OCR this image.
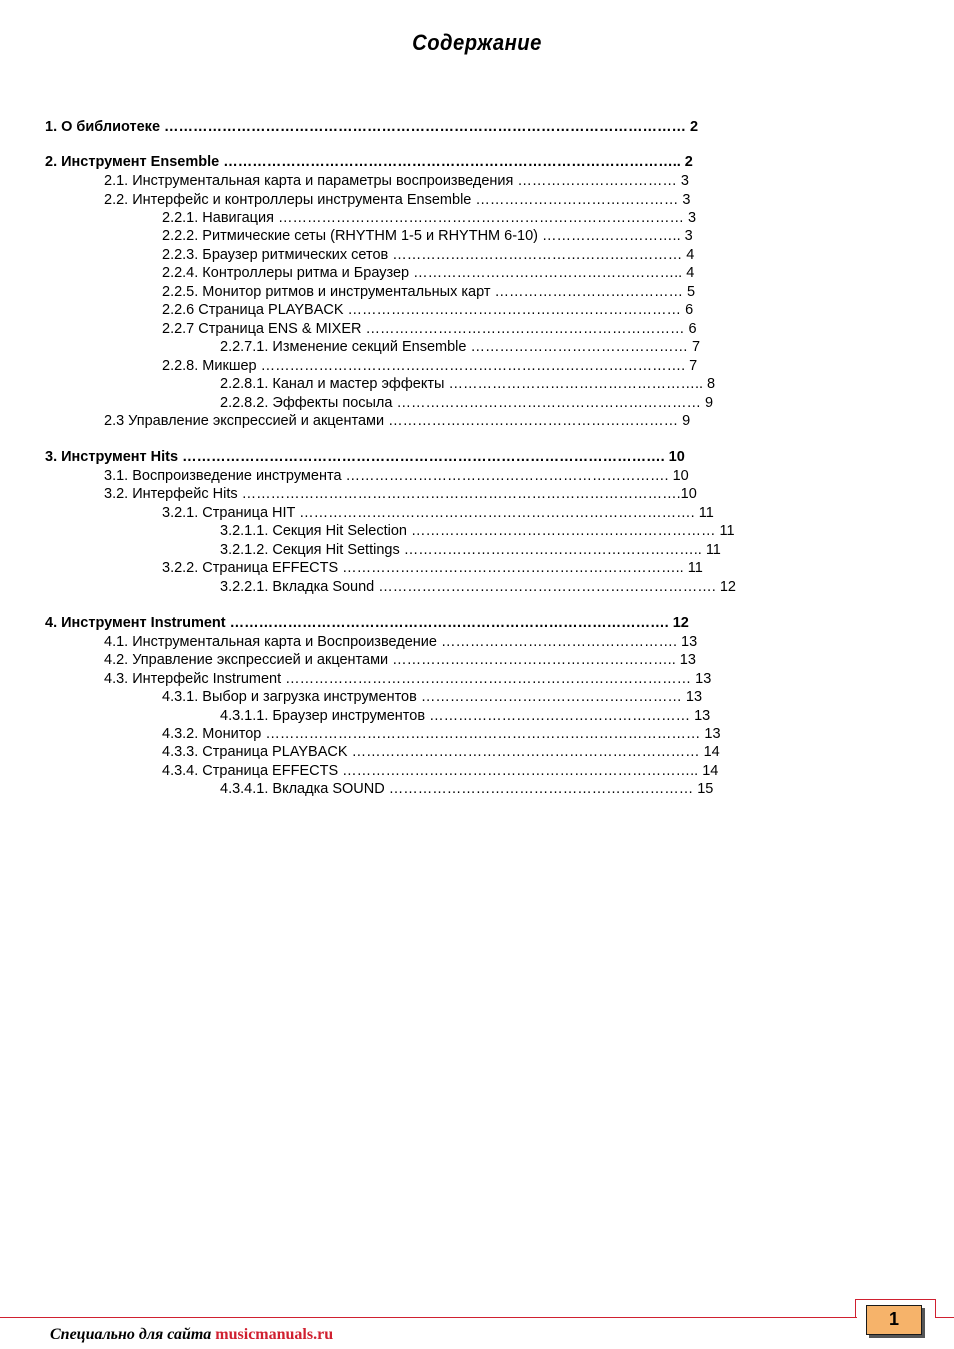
Содержание
1. О библиотеке ……………………………………………………………………………………………… 2
2. Инструмент Ensemble ………………………………………………………………………………….. 2
2.1. Инструментальная карта и параметры воспроизведения …………………………… 3
2.2. Интерфейс и контроллеры инструмента Ensemble …………………………………… 3
2.2.1. Навигация ………………………………………………………………………… 3
2.2.2. Ритмические сеты (RHYTHM 1-5 и RHYTHM 6-10) ……………………….. 3
2.2.3. Браузер ритмических сетов …………………………………………………… 4
2.2.4. Контроллеры ритма и Браузер ……………………………………………….. 4
2.2.5. Монитор ритмов и инструментальных карт ………………………………… 5
2.2.6 Страница PLAYBACK …………………………………………………………… 6
2.2.7 Страница ENS & MIXER ………………………………………………………… 6
2.2.7.1. Изменение секций Ensemble ……………………………………… 7
2.2.8. Микшер ……………………………………………………………………………. 7
2.2.8.1. Канал и мастер эффекты …………………………………………….. 8
2.2.8.2. Эффекты посыла ……………………………………………………… 9
2.3 Управление экспрессией и акцентами …………………………………………………… 9
3. Инструмент Hits ………………………………………………………………………………………. 10
3.1. Воспроизведение инструмента …………………………………………………………. 10
3.2. Интерфейс Hits ……………………………………………………………………………….10
3.2.1. Страница HIT ………………………………………………………………………. 11
3.2.1.1. Секция Hit Selection ……………………………………………………… 11
3.2.1.2. Секция Hit Settings …………………………………………………….. 11
3.2.2. Страница EFFECTS …………………………………………………………….. 11
3.2.2.1. Вкладка Sound ……………………………………………………………. 12
4. Инструмент Instrument ………………………………………………………………………………. 12
4.1. Инструментальная карта и Воспроизведение …………………………………………. 13
4.2. Управление экспрессией и акцентами ………………………………………………….. 13
4.3. Интерфейс Instrument ………………………………………………………………………… 13
4.3.1. Выбор и загрузка инструментов ……………………………………………… 13
4.3.1.1. Браузер инструментов ……………………………………………… 13
4.3.2. Монитор ……………………………………………………………………………… 13
4.3.3. Страница PLAYBACK ……………………………………………………………… 14
4.3.4. Страница EFFECTS ……………………………………………………………….. 14
4.3.4.1. Вкладка SOUND ……………………………………………………… 15
1
Специально для сайта musicmanuals.ru
